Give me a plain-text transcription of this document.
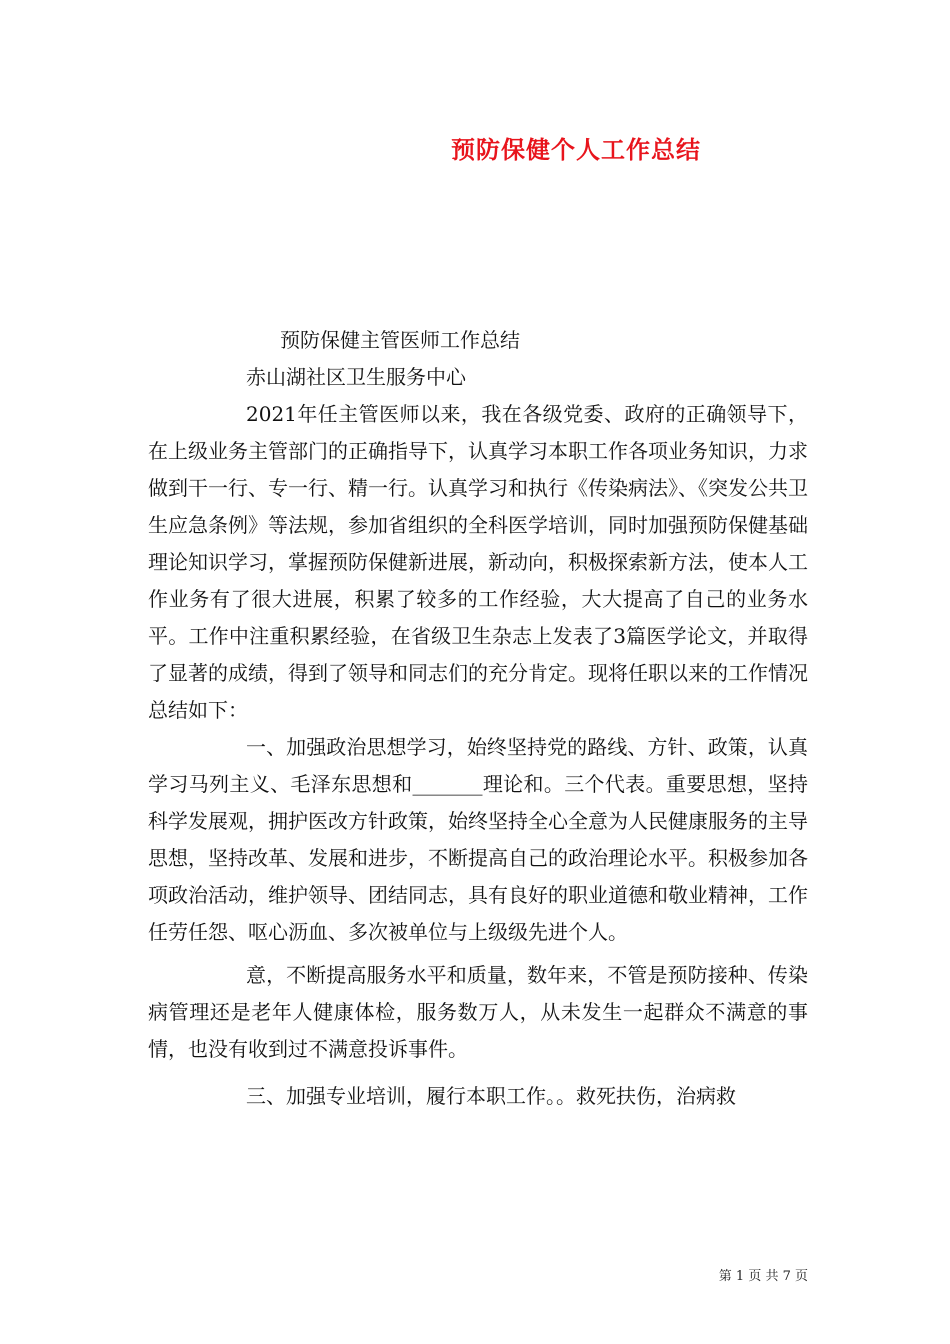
预防保健个人工作总结

预防保健主管医师工作总结

赤山湖社区卫生服务中心

2021年任主管医师以来，我在各级党委、政府的正确领导下，在上级业务主管部门的正确指导下，认真学习本职工作各项业务知识，力求做到干一行、专一行、精一行。认真学习和执行《传染病法》、《突发公共卫生应急条例》等法规，参加省组织的全科医学培训，同时加强预防保健基础理论知识学习，掌握预防保健新进展，新动向，积极探索新方法，使本人工作业务有了很大进展，积累了较多的工作经验，大大提高了自己的业务水平。工作中注重积累经验，在省级卫生杂志上发表了3篇医学论文，并取得了显著的成绩，得到了领导和同志们的充分肯定。现将任职以来的工作情况总结如下：

一、加强政治思想学习，始终坚持党的路线、方针、政策，认真学习马列主义、毛泽东思想和_______理论和。三个代表。重要思想，坚持科学发展观，拥护医改方针政策，始终坚持全心全意为人民健康服务的主导思想，坚持改革、发展和进步，不断提高自己的政治理论水平。积极参加各项政治活动，维护领导、团结同志，具有良好的职业道德和敬业精神，工作任劳任怨、呕心沥血、多次被单位与上级级先进个人。

意，不断提高服务水平和质量，数年来，不管是预防接种、传染病管理还是老年人健康体检，服务数万人，从未发生一起群众不满意的事情，也没有收到过不满意投诉事件。

三、加强专业培训，履行本职工作。。救死扶伤，治病救

第 1 页 共 7 页
